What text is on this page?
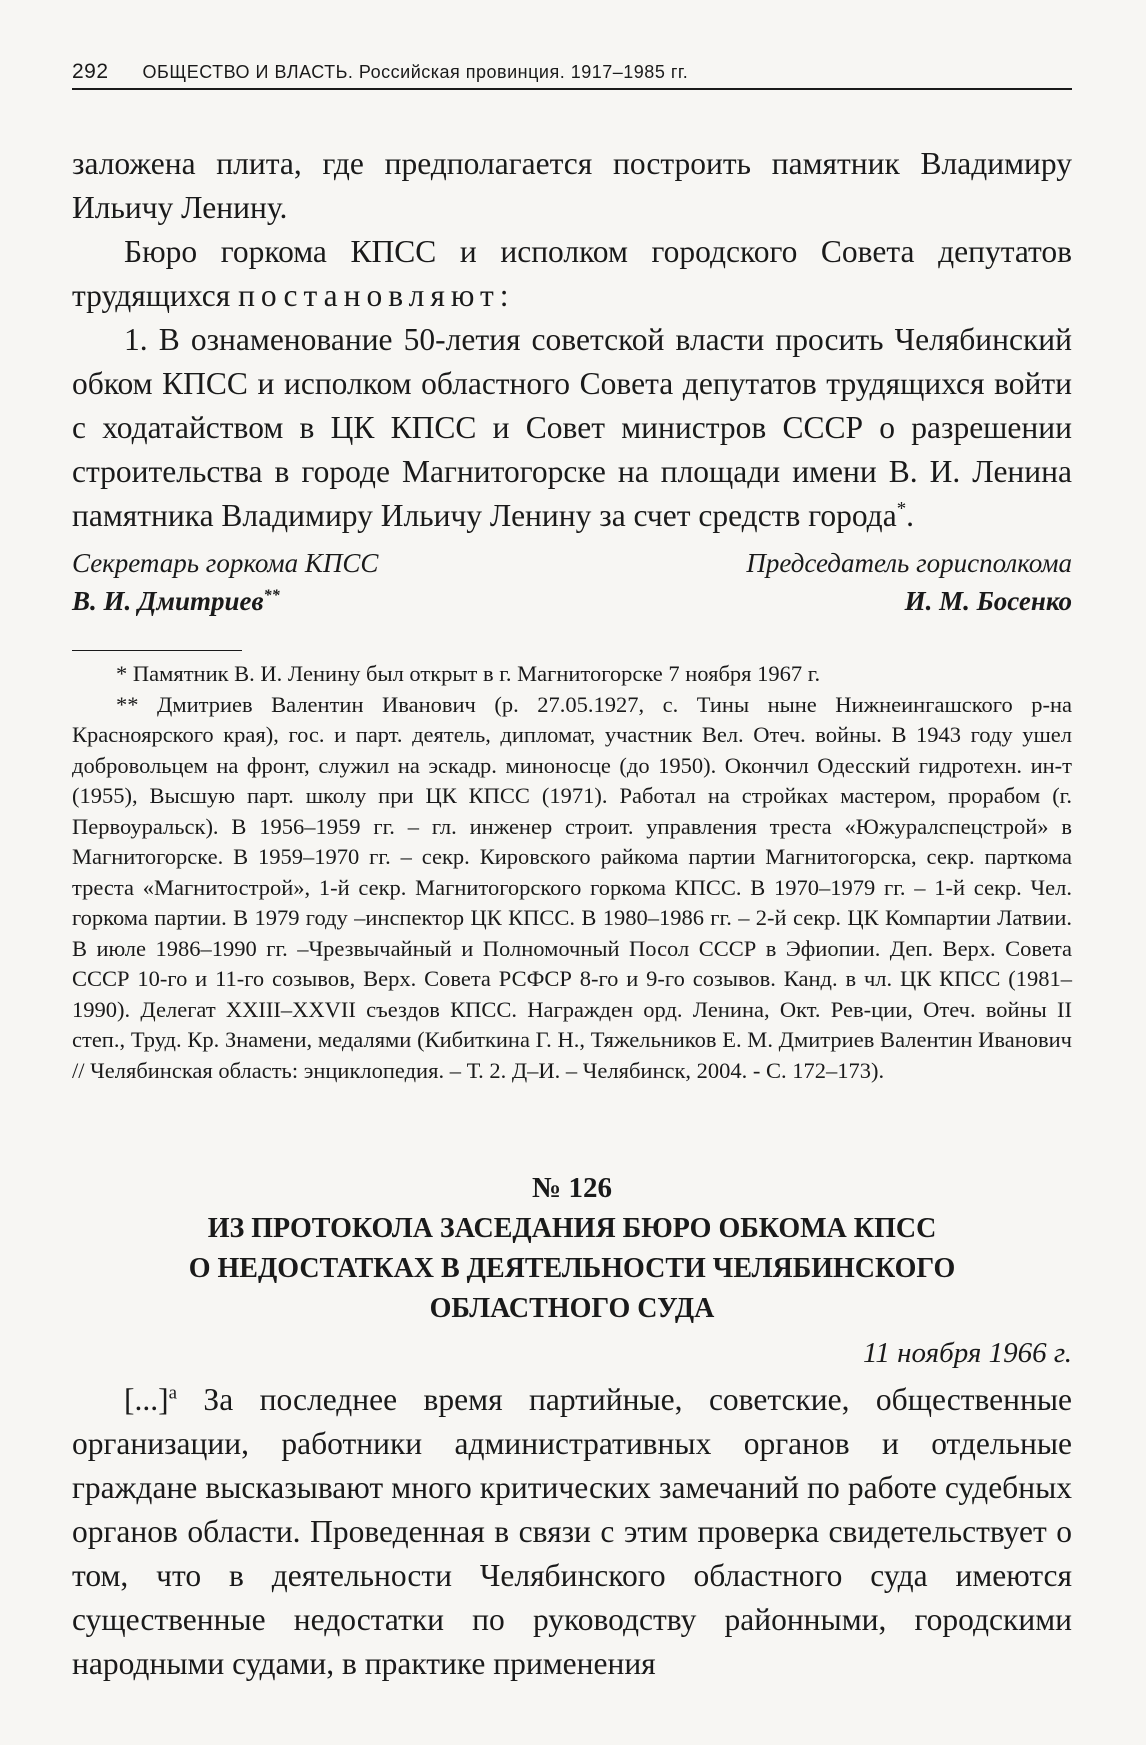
292 ОБЩЕСТВО И ВЛАСТЬ. Российская провинция. 1917–1985 гг.

заложена плита, где предполагается построить памятник Владимиру Ильичу Ленину.

Бюро горкома КПСС и исполком городского Совета депутатов трудящихся постановляют:

1. В ознаменование 50-летия советской власти просить Челябинский обком КПСС и исполком областного Совета депутатов трудящихся войти с ходатайством в ЦК КПСС и Совет министров СССР о разрешении строительства в городе Магнитогорске на площади имени В. И. Ленина памятника Владимиру Ильичу Ленину за счет средств города*.

Секретарь горкома КПСС
В. И. Дмитриев**
Председатель горисполкома
И. М. Босенко

* Памятник В. И. Ленину был открыт в г. Магнитогорске 7 ноября 1967 г.

** Дмитриев Валентин Иванович (р. 27.05.1927, с. Тины ныне Нижнеингашского р-на Красноярского края), гос. и парт. деятель, дипломат, участник Вел. Отеч. войны. В 1943 году ушел добровольцем на фронт, служил на эскадр. миноносце (до 1950). Окончил Одесский гидротехн. ин-т (1955), Высшую парт. школу при ЦК КПСС (1971). Работал на стройках мастером, прорабом (г. Первоуральск). В 1956–1959 гг. – гл. инженер строит. управления треста «Южуралспецстрой» в Магнитогорске. В 1959–1970 гг. – секр. Кировского райкома партии Магнитогорска, секр. парткома треста «Магнитострой», 1-й секр. Магнитогорского горкома КПСС. В 1970–1979 гг. – 1-й секр. Чел. горкома партии. В 1979 году –инспектор ЦК КПСС. В 1980–1986 гг. – 2-й секр. ЦК Компартии Латвии. В июле 1986–1990 гг. –Чрезвычайный и Полномочный Посол СССР в Эфиопии. Деп. Верх. Совета СССР 10-го и 11-го созывов, Верх. Совета РСФСР 8-го и 9-го созывов. Канд. в чл. ЦК КПСС (1981–1990). Делегат XXIII–XXVII съездов КПСС. Награжден орд. Ленина, Окт. Рев-ции, Отеч. войны II степ., Труд. Кр. Знамени, медалями (Кибиткина Г. Н., Тяжельников Е. М. Дмитриев Валентин Иванович // Челябинская область: энциклопедия. – Т. 2. Д–И. – Челябинск, 2004. - С. 172–173).

№ 126

ИЗ ПРОТОКОЛА ЗАСЕДАНИЯ БЮРО ОБКОМА КПСС

О НЕДОСТАТКАХ В ДЕЯТЕЛЬНОСТИ ЧЕЛЯБИНСКОГО

ОБЛАСТНОГО СУДА

11 ноября 1966 г.

[...]$^а$ За последнее время партийные, советские, общественные организации, работники административных органов и отдельные граждане высказывают много критических замечаний по работе судебных органов области. Проведенная в связи с этим проверка свидетельствует о том, что в деятельности Челябинского областного суда имеются существенные недостатки по руководству районными, городскими народными судами, в практике применения
